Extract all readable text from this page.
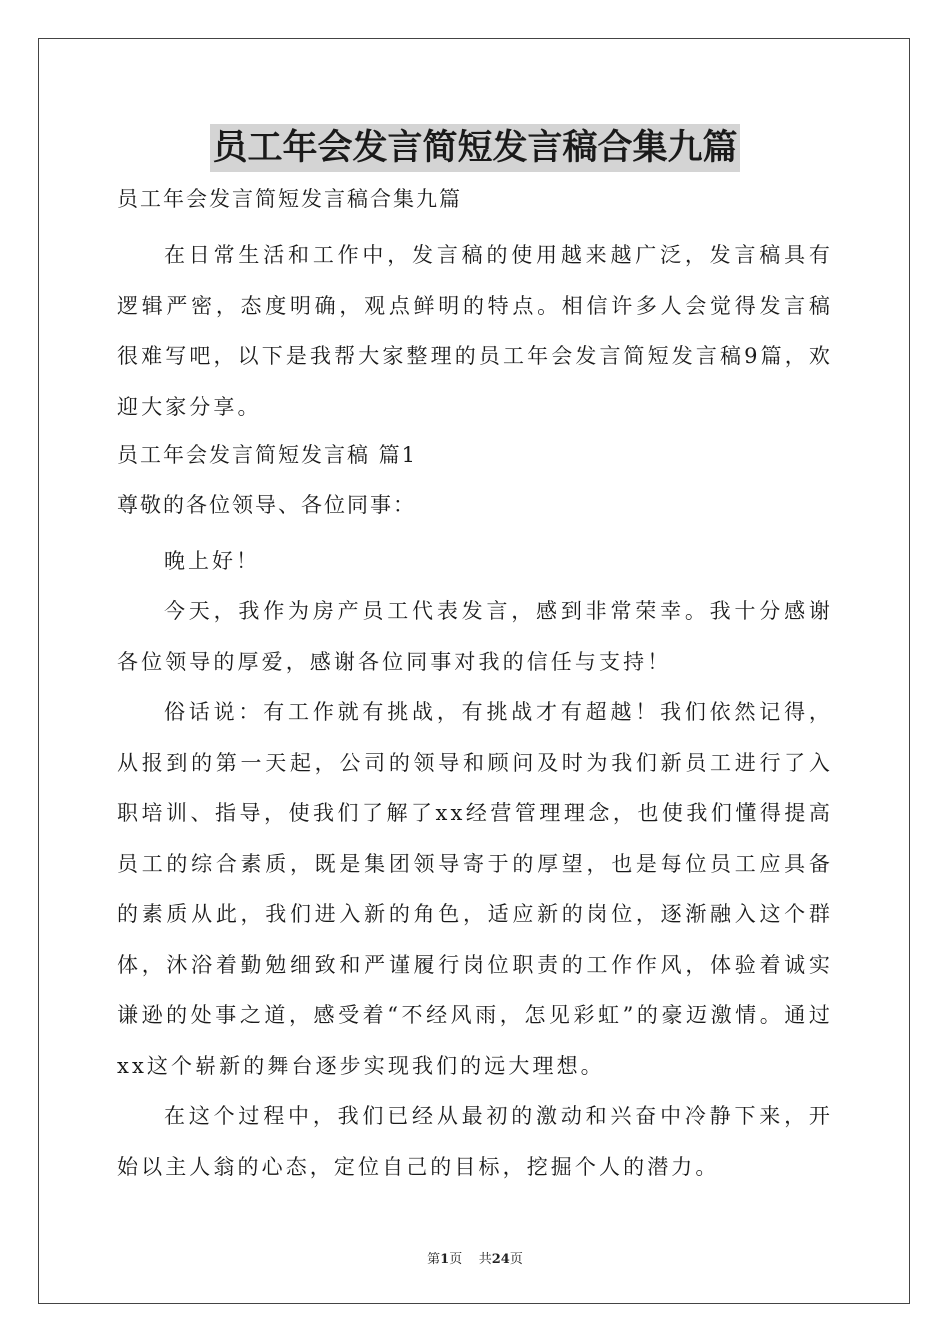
员工年会发言简短发言稿合集九篇
员工年会发言简短发言稿合集九篇
在日常生活和工作中，发言稿的使用越来越广泛，发言稿具有逻辑严密，态度明确，观点鲜明的特点。相信许多人会觉得发言稿很难写吧，以下是我帮大家整理的员工年会发言简短发言稿9篇，欢迎大家分享。
员工年会发言简短发言稿 篇1
尊敬的各位领导、各位同事：
晚上好！
今天，我作为房产员工代表发言，感到非常荣幸。我十分感谢各位领导的厚爱，感谢各位同事对我的信任与支持！
俗话说：有工作就有挑战，有挑战才有超越！我们依然记得，从报到的第一天起，公司的领导和顾问及时为我们新员工进行了入职培训、指导，使我们了解了xx经营管理理念，也使我们懂得提高员工的综合素质，既是集团领导寄于的厚望，也是每位员工应具备的素质从此，我们进入新的角色，适应新的岗位，逐渐融入这个群体，沐浴着勤勉细致和严谨履行岗位职责的工作作风，体验着诚实谦逊的处事之道，感受着“不经风雨，怎见彩虹”的豪迈激情。通过xx这个崭新的舞台逐步实现我们的远大理想。
在这个过程中，我们已经从最初的激动和兴奋中冷静下来，开始以主人翁的心态，定位自己的目标，挖掘个人的潜力。
第1页    共24页
